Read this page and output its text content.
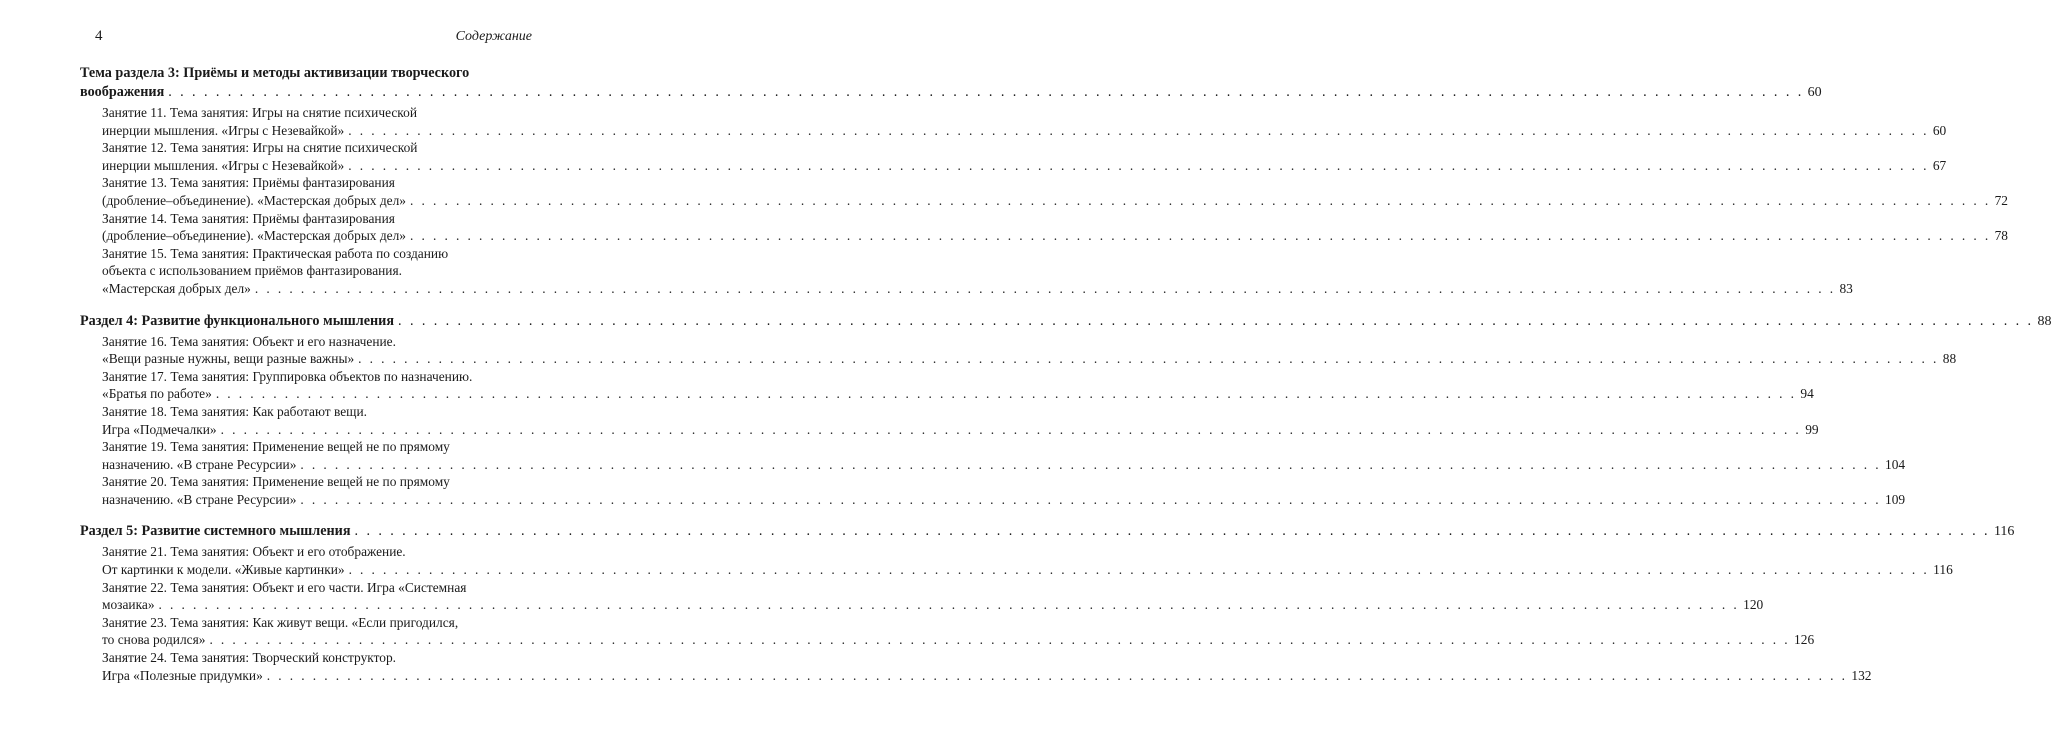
4	Содержание
Тема раздела 3: Приёмы и методы активизации творческого
воображения . . .	60
Занятие 11. Тема занятия: Игры на снятие психической
инерции мышления. «Игры с Незевайкой» . . .	60
Занятие 12. Тема занятия: Игры на снятие психической
инерции мышления. «Игры с Незевайкой» . . .	67
Занятие 13. Тема занятия: Приёмы фантазирования
(дробление–объединение). «Мастерская добрых дел» . . .	72
Занятие 14. Тема занятия: Приёмы фантазирования
(дробление–объединение). «Мастерская добрых дел» . . .	78
Занятие 15. Тема занятия: Практическая работа по созданию
объекта с использованием приёмов фантазирования.
«Мастерская добрых дел» . . .	83
Раздел 4: Развитие функционального мышления . . .	88
Занятие 16. Тема занятия: Объект и его назначение.
«Вещи разные нужны, вещи разные важны» . . .	88
Занятие 17. Тема занятия: Группировка объектов по назначению.
«Братья по работе» . . .	94
Занятие 18. Тема занятия: Как работают вещи.
Игра «Подмечалки» . . .	99
Занятие 19. Тема занятия: Применение вещей не по прямому
назначению. «В стране Ресурсии» . . .	104
Занятие 20. Тема занятия: Применение вещей не по прямому
назначению. «В стране Ресурсии» . . .	109
Раздел 5: Развитие системного мышления . . .	116
Занятие 21. Тема занятия: Объект и его отображение.
От картинки к модели. «Живые картинки» . . .	116
Занятие 22. Тема занятия: Объект и его части. Игра «Системная
мозаика» . . .	120
Занятие 23. Тема занятия: Как живут вещи. «Если пригодился,
то снова родился» . . .	126
Занятие 24. Тема занятия: Творческий конструктор.
Игра «Полезные придумки» . . .	132
